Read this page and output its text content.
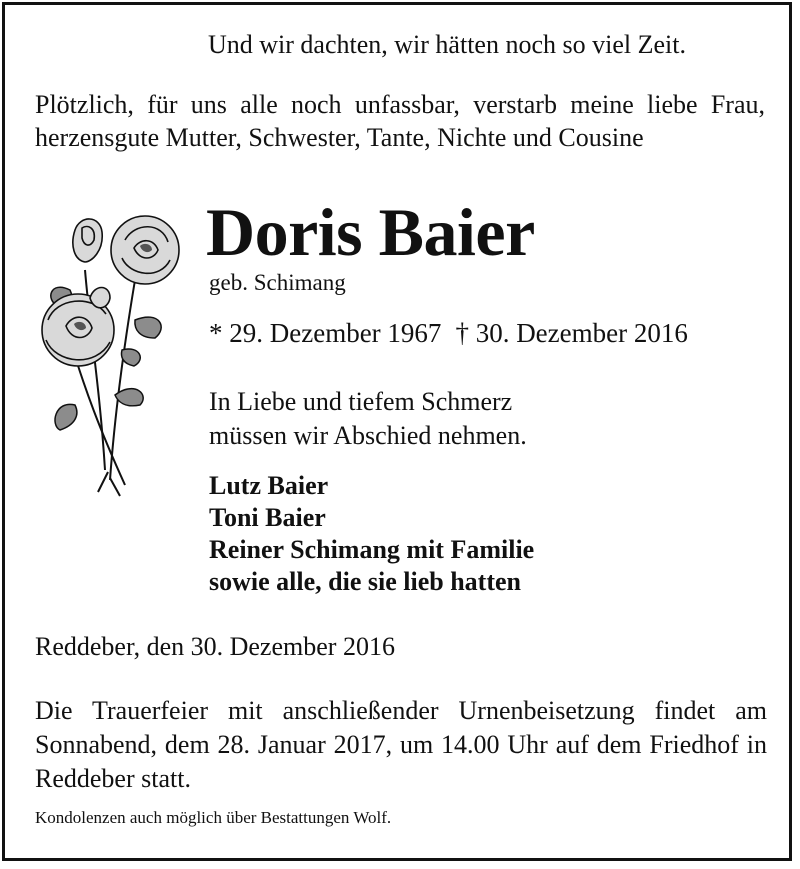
Und wir dachten, wir hätten noch so viel Zeit.
Plötzlich, für uns alle noch unfassbar, verstarb meine liebe Frau, herzensgute Mutter, Schwester, Tante, Nichte und Cousine
Doris Baier
geb. Schimang
* 29. Dezember 1967 † 30. Dezember 2016
In Liebe und tiefem Schmerz
müssen wir Abschied nehmen.
Lutz Baier
Toni Baier
Reiner Schimang mit Familie
sowie alle, die sie lieb hatten
Reddeber, den 30. Dezember 2016
Die Trauerfeier mit anschließender Urnenbeisetzung findet am Sonnabend, dem 28. Januar 2017, um 14.00 Uhr auf dem Friedhof in Reddeber statt.
Kondolenzen auch möglich über Bestattungen Wolf.
